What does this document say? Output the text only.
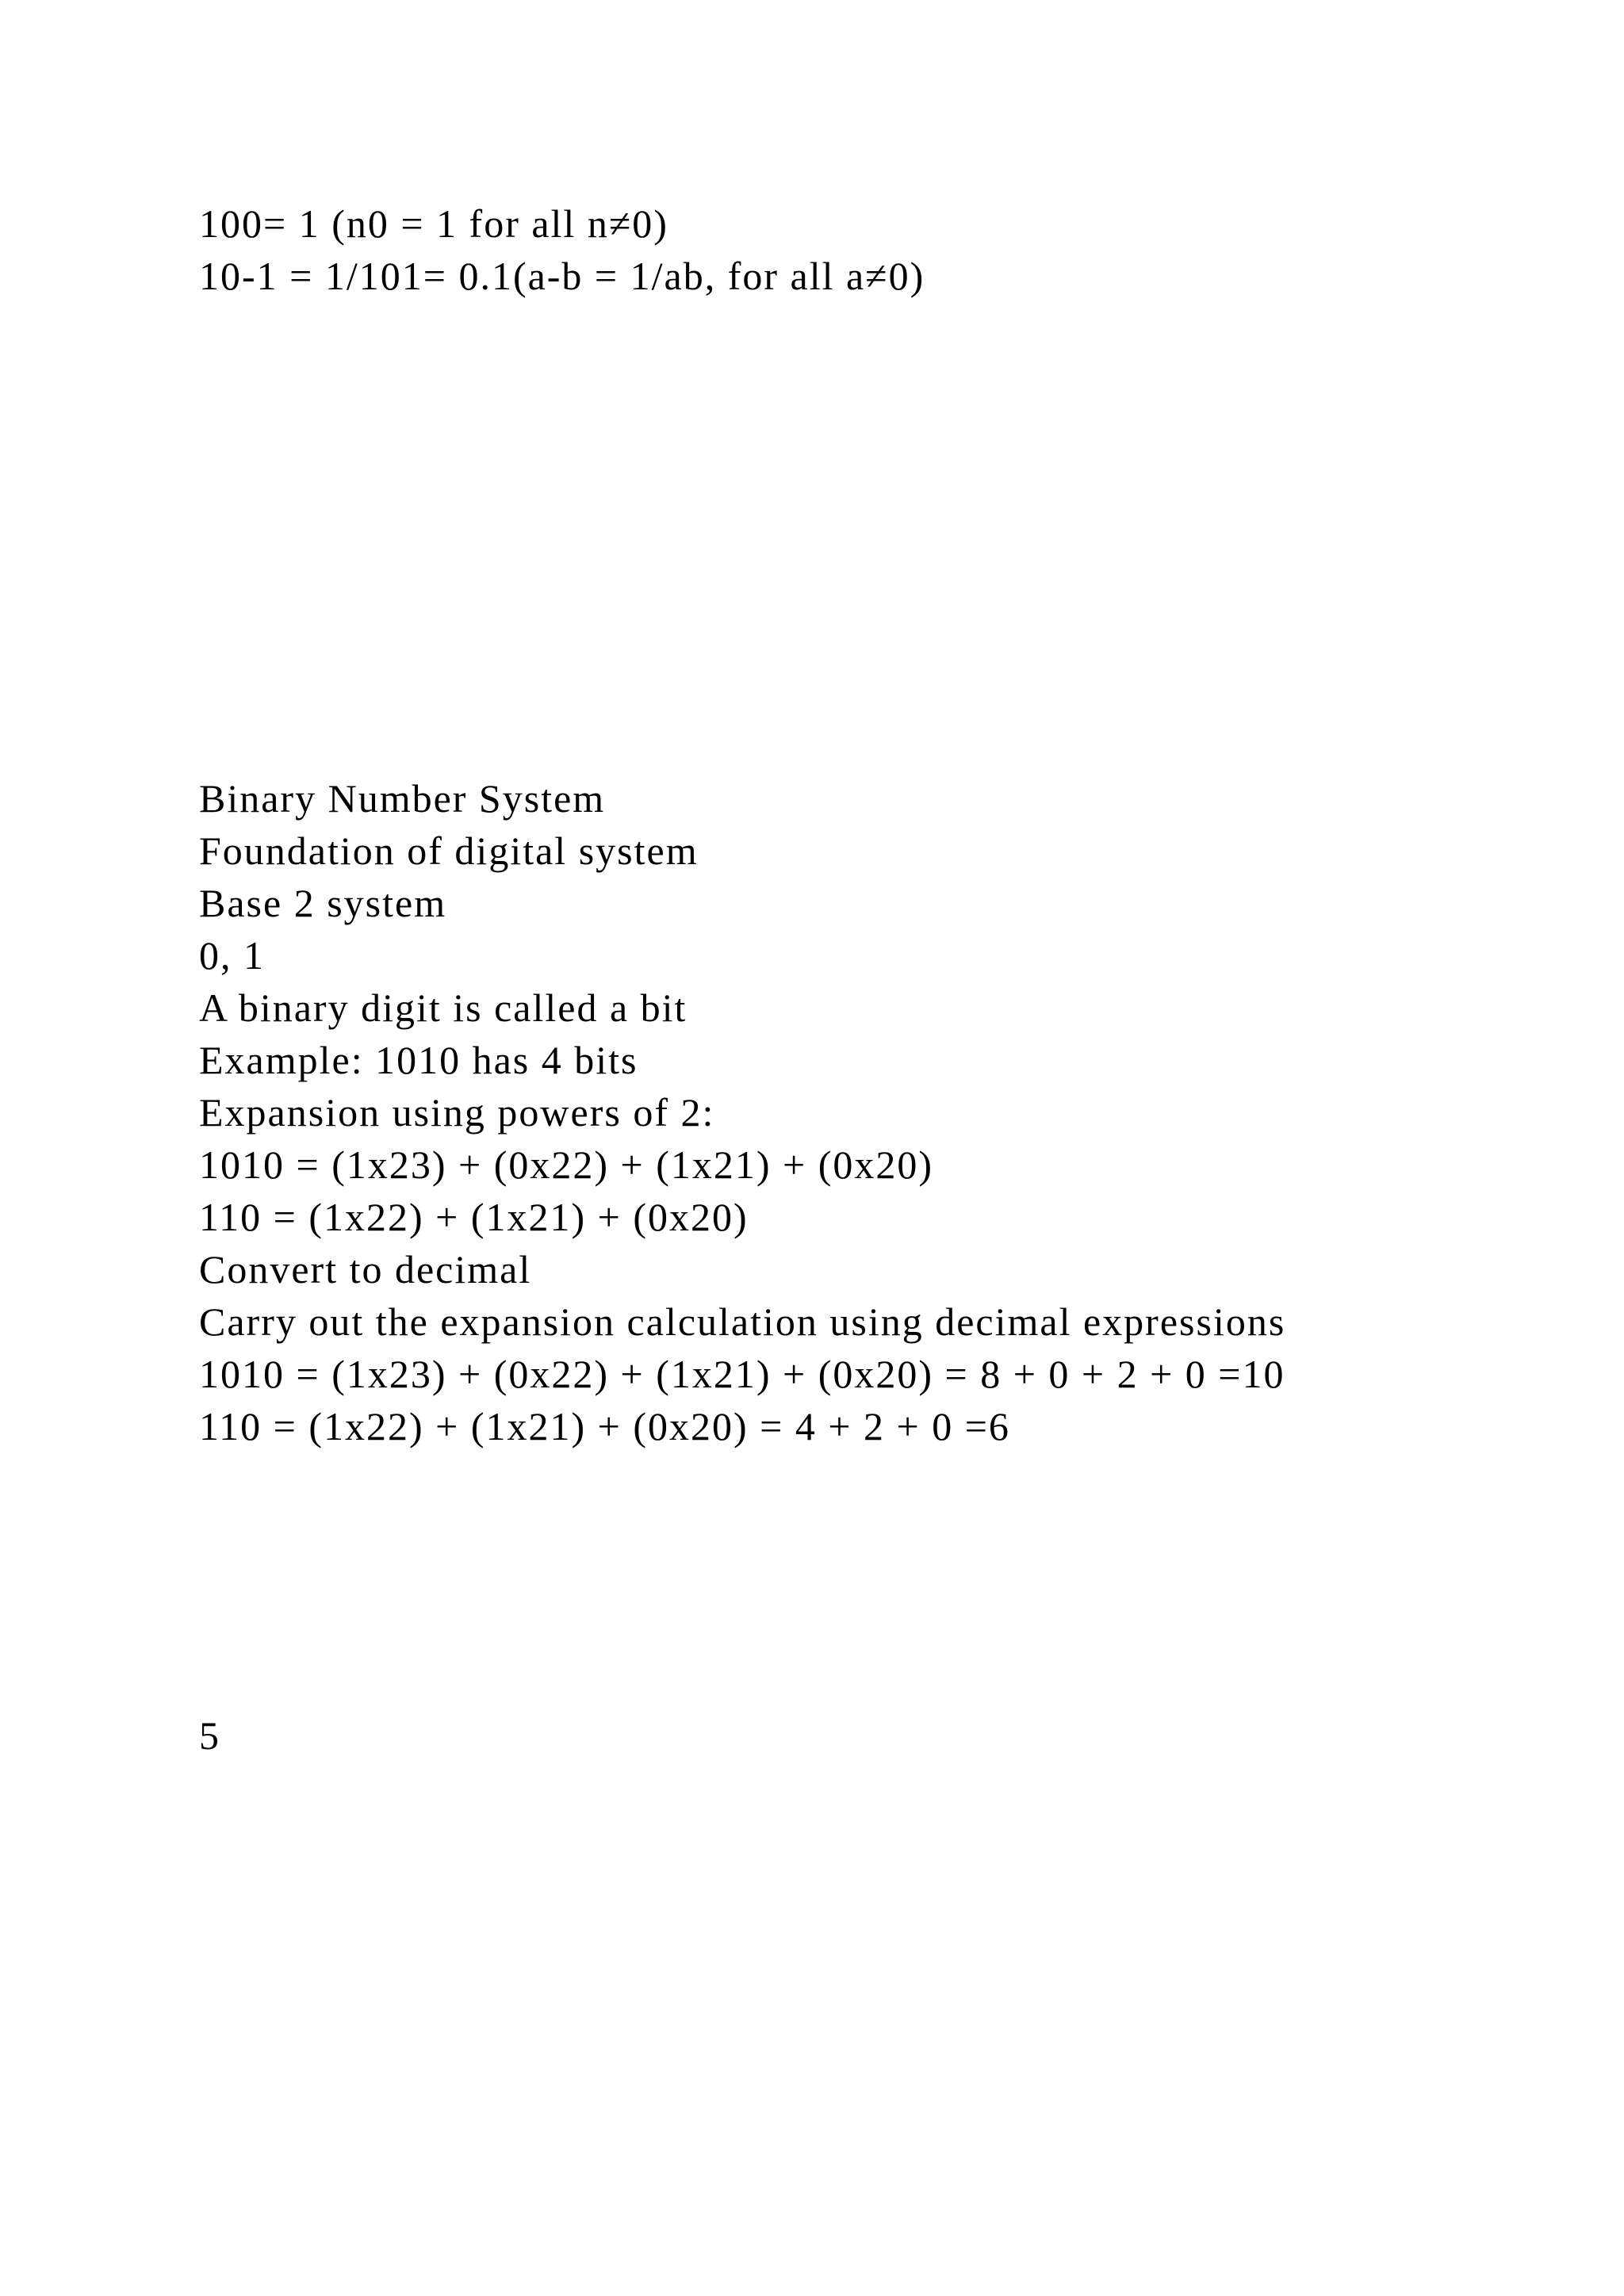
100= 1 (n0 = 1 for all n≠0)

10-1 = 1/101= 0.1(a-b = 1/ab, for all a≠0)

Binary Number System

Foundation of digital system

Base 2 system

0, 1

A binary digit is called a bit

Example: 1010 has 4 bits

Expansion using powers of 2:

1010 = (1x23) + (0x22) + (1x21) + (0x20)

110 = (1x22) + (1x21) + (0x20)

Convert to decimal

Carry out the expansion calculation using decimal expressions

1010 = (1x23) + (0x22) + (1x21) + (0x20) = 8 + 0 + 2 + 0 =10

110 = (1x22) + (1x21) + (0x20) = 4 + 2 + 0 =6

5
